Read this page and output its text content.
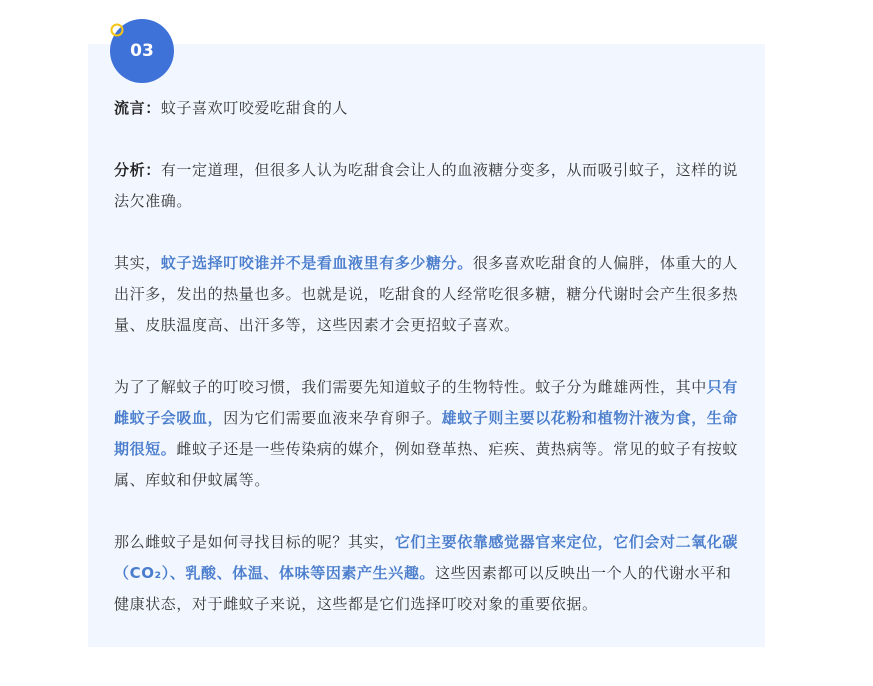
03

流言：蚊子喜欢叮咬爱吃甜食的人

分析：有一定道理，但很多人认为吃甜食会让人的血液糖分变多，从而吸引蚊子，这样的说法欠准确。

其实，蚊子选择叮咬谁并不是看血液里有多少糖分。很多喜欢吃甜食的人偏胖，体重大的人出汗多，发出的热量也多。也就是说，吃甜食的人经常吃很多糖，糖分代谢时会产生很多热量、皮肤温度高、出汗多等，这些因素才会更招蚊子喜欢。

为了了解蚊子的叮咬习惯，我们需要先知道蚊子的生物特性。蚊子分为雌雄两性，其中只有雌蚊子会吸血，因为它们需要血液来孕育卵子。雄蚊子则主要以花粉和植物汁液为食，生命期很短。雌蚊子还是一些传染病的媒介，例如登革热、疟疾、黄热病等。常见的蚊子有按蚊属、库蚊和伊蚊属等。

那么雌蚊子是如何寻找目标的呢？其实，它们主要依靠感觉器官来定位，它们会对二氧化碳（CO₂）、乳酸、体温、体味等因素产生兴趣。这些因素都可以反映出一个人的代谢水平和健康状态，对于雌蚊子来说，这些都是它们选择叮咬对象的重要依据。
